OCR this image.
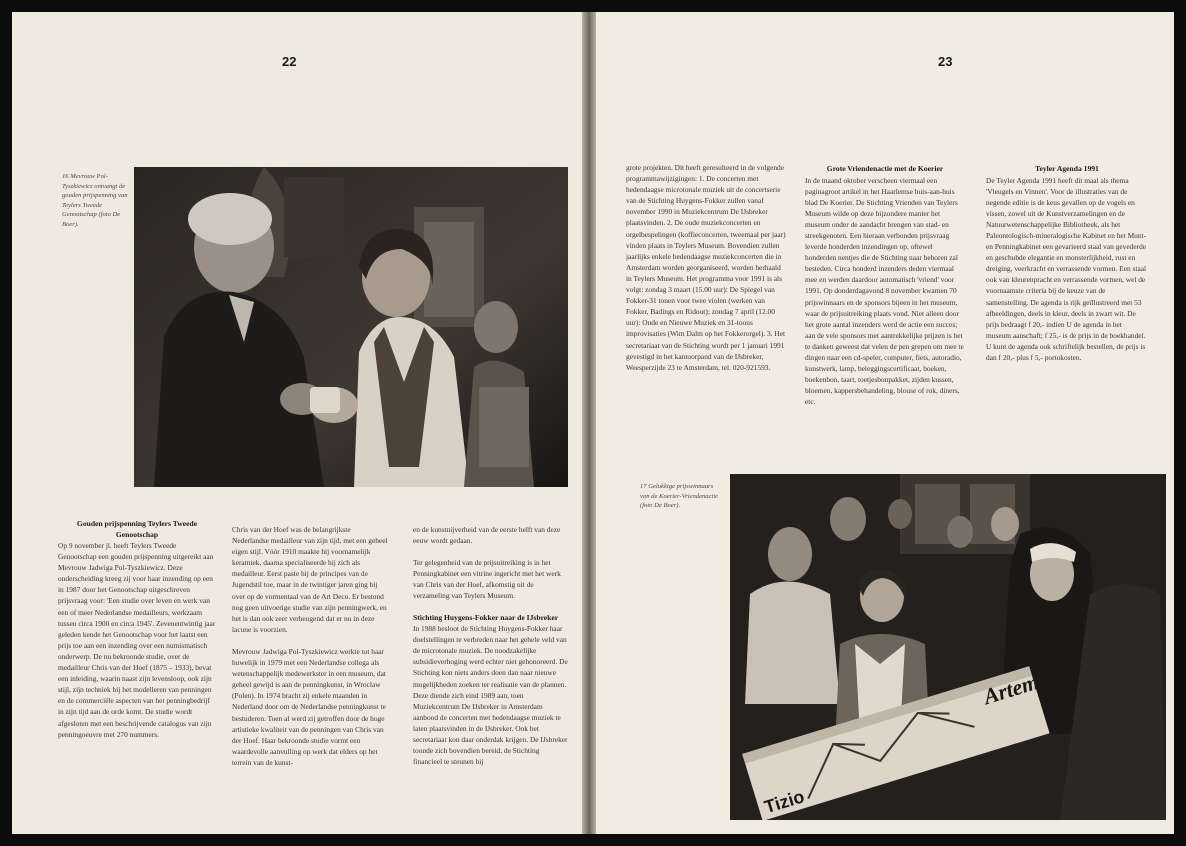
22
16 Mevrouw Pol-Tyszkiewicz ontvangt de gouden prijspenning van Teylers Tweede Genootschap (foto De Boer).
Gouden prijspenning Teylers Tweede Genootschap

Op 9 november jl. heeft Teylers Tweede Genootschap een gouden prijspenning uitgereikt aan Mevrouw Jadwiga Pol-Tyszkiewicz. Deze onderscheiding kreeg zij voor haar inzending op een in 1987 door het Genootschap uitgeschreven prijsvraag voor: 'Een studie over leven en werk van een of meer Nederlandse medailleurs, werkzaam tussen circa 1900 en circa 1945'. Zevenentwintig jaar geleden kende het Genootschap voor het laatst een prijs toe aan een inzending over een numismatisch onderwerp. De nu bekroonde studie, over de medailleur Chris van der Hoef (1875 – 1933), bevat een inleiding, waarin naast zijn levensloop, ook zijn stijl, zijn techniek bij het modelleren van penningen en de commerciële aspecten van het penningbedrijf in zijn tijd aan de orde komt. De studie wordt afgesloten met een beschrijvende catalogus van zijn penningoeuvre met 270 nummers.

Chris van der Hoef was de belangrijkste Nederlandse medailleur van zijn tijd, met een geheel eigen stijl. Vóór 1910 maakte hij voornamelijk keramiek, daarna specialiseerde hij zich als medailleur. Eerst paste hij de principes van de Jugendstil toe, maar in de twintiger jaren ging hij over op de vormentaal van de Art Deco. Er bestond nog geen uitvoerige studie van zijn penningwerk, en het is dan ook zeer verheugend dat er nu in deze lacune is voorzien.

Mevrouw Jadwiga Pol-Tyszkiewicz werkte tot haar huwelijk in 1979 met een Nederlandse collega als wetenschappelijk medewerkster in een museum, dat geheel gewijd is aan de penningkunst, in Wroclaw (Polen). In 1974 bracht zij enkele maanden in Nederland door om de Nederlandse penningkunst te bestuderen. Toen al werd zij getroffen door de hoge artistieke kwaliteit van de penningen van Chris van der Hoef. Haar bekroonde studie vormt een waardevolle aanvulling op werk dat elders op het terrein van de kunst-

en de kunstnijverheid van de eerste helft van deze eeuw wordt gedaan.

Ter gelegenheid van de prijsuitreiking is in het Penningkabinet een vitrine ingericht met het werk van Chris van der Hoef, afkomstig uit de verzameling van Teylers Museum.

Stichting Huygens-Fokker naar de IJsbreker

In 1988 besloot de Stichting Huygens-Fokker haar doelstellingen te verbreden naar het gehele veld van de microtonale muziek. De noodzakelijke subsidieverhoging werd echter niet gehonoreerd. De Stichting kon niets anders doen dan naar nieuwe mogelijkheden zoeken ter realisatie van de plannen. Deze diende zich eind 1989 aan, toen Muziekcentrum De IJsbreker in Amsterdam aanbood de concerten met hedendaagse muziek te laten plaatsvinden in de IJsbreker. Ook het secretariaat kon daar onderdak krijgen. De IJsbreker toonde zich bovendien bereid, de Stichting financieel te steunen bij

23

grote projekten. Dit heeft geresulteerd in de volgende programmawijzigingen: 1. De concerten met hedendaagse microtonale muziek uit de concertserie van de Stichting Huygens-Fokker zullen vanaf november 1990 in Muziekcentrum De IJsbreker plaatsvinden. 2. De oude muziekconcerten en orgelbespelingen (koffieconcerten, tweemaal per jaar) vinden plaats in Teylers Museum. Bovendien zullen jaarlijks enkele hedendaagse muziekconcerten die in Amsterdam worden georganiseerd, worden herhaald in Teylers Museum. Het programma voor 1991 is als volgt: zondag 3 maart (15.00 uur): De Spiegel van Fokker-31 tonen voor twee violen (werken van Fokker, Badings en Ridout); zondag 7 april (12.00 uur): Oude en Nieuwe Muziek en 31-toons improvisaties (Wim Dalm op het Fokkerorgel). 3. Het secretariaat van de Stichting wordt per 1 januari 1991 gevestigd in het kantoorpand van de IJsbreker, Weesperzijde 23 te Amsterdam, tel. 020-921593.

Grote Vriendenactie met de Koerier

In de maand oktober verscheen viermaal een paginagroot artikel in het Haarlemse huis-aan-huis blad De Koerier. De Stichting Vrienden van Teylers Museum wilde op deze bijzondere manier het museum onder de aandacht brengen van stad- en streekgenoten. Een hieraan verbonden prijsvraag leverde honderden inzendingen op, oftewel honderden nentjes die de Stichting naar behoren zal besteden. Circa honderd inzenders deden viermaal mee en werden daardoor automatisch 'vriend' voor 1991. Op donderdagavond 8 november kwamen 70 prijswinnaars en de sponsors bijeen in het museum, waar de prijsuitreiking plaats vond. Niet alleen door het grote aantal inzenders werd de actie een succes; aan de vele sponsors met aantrekkelijke prijzen is het te danken geweest dat velen de pen grepen om mee te dingen naar een cd-speler, computer, fiets, autoradio, kunstwerk, lamp, beleggingscertificaat, boeken, boekenbon, taart, toetjesbonpakket, zijden kussen, bloemen, kappersbehandeling, blouse of rok, diners, etc.

Teyler Agenda 1991

De Teyler Agenda 1991 heeft dit maal als thema 'Vleugels en Vinnen'. Voor de illustraties van de negende editie is de keus gevallen op de vogels en vissen, zowel uit de Kunstverzamelingen en de Natuurwetenschappelijke Bibliotheek, als het Paleontologisch-mineralogische Kabinet en het Munt- en Penningkabinet een gevarieerd staal van gevederde en geschubde elegantie en monsterlijkheid, rust en dreiging, veerkracht en verrassende vormen. Een staal ook van kleurenpracht en verrassende vormen, wel de voornaamste criteria bij de keuze van de samenstelling. De agenda is rijk geïllustreerd met 53 afbeeldingen, deels in kleur, deels in zwart wit. De prijs bedraagt f 20,- indien U de agenda in het museum aanschaft; f 25,- is de prijs in de boekhandel. U kunt de agenda ook schriftelijk bestellen, de prijs is dan f 20,- plus f 5,- portokosten.

17 Gelukkige prijswinnaars van de Koerier-Vriendenactie (foto De Boer).
Artemide
Tizio
